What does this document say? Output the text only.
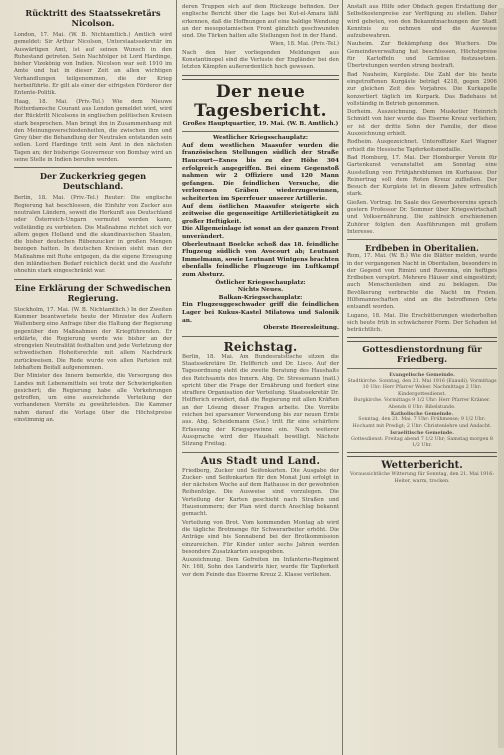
Rücktritt des Staatssekretärs Nicolson.

London, 17. Mai. (W. B. Nichtamtlich.) Amtlich wird gemeldet: Sir Arthur Nicolson, Unterstaatssekretär im Auswärtigen Amt, ist auf seinen Wunsch in den Ruhestand getreten. Sein Nachfolger ist Lord Hardinge, bisher Vizekönig von Indien. Nicolson war seit 1910 im Amte und hat in dieser Zeit an allen wichtigen Verhandlungen teilgenommen, die der Krieg herbeiführte. Er gilt als einer der eifrigsten Förderer der Entente-Politik.

Haag, 18. Mai. (Priv.-Tel.) Wie dem Nieuwe Rotterdamsche Courant aus London gemeldet wird, wird der Rücktritt Nicolsons in englischen politischen Kreisen stark besprochen. Man bringt ihn in Zusammenhang mit den Meinungsverschiedenheiten, die zwischen ihm und Grey über die Behandlung der Neutralen entstanden sein sollen. Lord Hardinge tritt sein Amt in den nächsten Tagen an; der bisherige Gouverneur von Bombay wird an seine Stelle in Indien berufen werden.

Der Zuckerkrieg gegen Deutschland.

Berlin, 18. Mai. (Priv.-Tel.) Reuter: Die englische Regierung hat beschlossen, die Einfuhr von Zucker aus neutralen Ländern, soweit die Herkunft aus Deutschland oder Österreich-Ungarn vermutet werden kann, vollständig zu verbieten. Die Maßnahme richtet sich vor allem gegen Holland und die skandinavischen Staaten, die bisher deutschen Rübenzucker in großen Mengen bezogen hatten. In deutschen Kreisen sieht man der Maßnahme mit Ruhe entgegen, da die eigene Erzeugung den inländischen Bedarf reichlich deckt und die Ausfuhr ohnehin stark eingeschränkt war.

Eine Erklärung der Schwedischen Regierung.

Stockholm, 17. Mai. (W. B. Nichtamtlich.) In der Zweiten Kammer beantwortete heute der Minister des Äußern Wallenberg eine Anfrage über die Haltung der Regierung gegenüber den Maßnahmen der Kriegführenden. Er erklärte, die Regierung werde wie bisher an der strengsten Neutralität festhalten und jede Verletzung der schwedischen Hoheitsrechte mit allem Nachdruck zurückweisen. Die Rede wurde von allen Parteien mit lebhaftem Beifall aufgenommen.

Der Minister des Innern bemerkte, die Versorgung des Landes mit Lebensmitteln sei trotz der Schwierigkeiten gesichert; die Regierung habe alle Vorkehrungen getroffen, um eine ausreichende Verteilung der vorhandenen Vorräte zu gewährleisten. Die Kammer nahm darauf die Vorlage über die Höchstpreise einstimmig an.

deren Truppen sich auf dem Rückzuge befinden. Der englische Bericht über die Lage bei Kut-el-Amara läßt erkennen, daß die Hoffnungen auf eine baldige Wendung an der mesopotamischen Front gänzlich geschwunden sind. Die Türken halten alle Stellungen fest in der Hand.

Wien, 18. Mai. (Priv.-Tel.)

Nach den hier vorliegenden Meldungen aus Konstantinopel sind die Verluste der Engländer bei den letzten Kämpfen außerordentlich hoch gewesen.

Der neue Tagesbericht.

Großes Hauptquartier, 19. Mai. (W. B. Amtlich.)

Westlicher Kriegsschauplatz:

Auf dem westlichen Maasufer wurden die französischen Stellungen südlich der Straße Haucourt—Esnes bis zu der Höhe 304 erfolgreich angegriffen. Bei einem Gegenstoß nahmen wir 2 Offiziere und 120 Mann gefangen. Die feindlichen Versuche, die verlorenen Gräben wiederzugewinnen, scheiterten im Sperrfeuer unserer Artillerie.

Auf dem östlichen Maasufer steigerte sich zeitweise die gegenseitige Artillerietätigkeit zu großer Heftigkeit.

Die Allgemeinlage ist sonst an der ganzen Front unverändert.

Oberleutnant Boelcke schoß das 18. feindliche Flugzeug südlich von Avocourt ab; Leutnant Immelmann, sowie Leutnant Wintgens brachten ebenfalls feindliche Flugzeuge im Luftkampf zum Absturz.

Östlicher Kriegsschauplatz:

Nichts Neues.

Balkan-Kriegsschauplatz:

Ein Flugzeuggeschwader griff die feindlichen Lager bei Kukus-Kastel Milatowa und Salonik an.

Oberste Heeresleitung.

Reichstag.

Berlin, 18. Mai. Am Bundesratstische sitzen die Staatssekretäre Dr. Helfferich und Dr. Lisco. Auf der Tagesordnung steht die zweite Beratung des Haushalts des Reichsamts des Innern. Abg. Dr. Stresemann (natl.) spricht über die Frage der Ernährung und fordert eine straffere Organisation der Verteilung. Staatssekretär Dr. Helfferich erwidert, daß die Regierung mit allen Kräften an der Lösung dieser Fragen arbeite. Die Vorräte reichen bei sparsamer Verwendung bis zur neuen Ernte aus. Abg. Scheidemann (Soz.) tritt für eine schärfere Erfassung der Kriegsgewinne ein. Nach weiterer Aussprache wird der Haushalt bewilligt. Nächste Sitzung Freitag.

Aus Stadt und Land.

Friedberg, Zucker und Seifenkarten. Die Ausgabe der Zucker- und Seifenkarten für den Monat Juni erfolgt in der nächsten Woche auf dem Rathause in der gewohnten Reihenfolge. Die Ausweise sind vorzulegen. Die Verteilung der Karten geschieht nach Straßen und Hausnummern; der Plan wird durch Anschlag bekannt gemacht.

Verteilung von Brot. Vom kommenden Montag ab wird die tägliche Brotmenge für Schwerarbeiter erhöht. Die Anträge sind bis Sonnabend bei der Brotkommission einzureichen. Für Kinder unter sechs Jahren werden besondere Zusatzkarten ausgegeben.

Auszeichnung. Dem Gefreiten im Infanterie-Regiment Nr. 168, Sohn des Landwirts hier, wurde für Tapferkeit vor dem Feinde das Eiserne Kreuz 2. Klasse verliehen.

Anstalt aus Hilfe oder Obdach gegen Erstattung der Selbstkostenpreise zur Verfügung zu stellen. Daher wird gebeten, von den Bekanntmachungen der Stadt Kenntnis zu nehmen und die Ausweise aufzubewahren.

Nauheim. Zur Bekämpfung des Wuchers. Die Gemeindeverwaltung hat beschlossen, Höchstpreise für Kartoffeln und Gemüse festzusetzen. Übertretungen werden streng bestraft.

Bad Nauheim, Kurgäste. Die Zahl der bis heute eingetroffenen Kurgäste beträgt 4218, gegen 2906 zur gleichen Zeit des Vorjahres. Die Kurkapelle konzertiert täglich im Kurpark. Das Badehaus ist vollständig in Betrieb genommen.

Dorheim. Auszeichnung. Dem Musketier Heinrich Schmidt von hier wurde das Eiserne Kreuz verliehen; er ist der dritte Sohn der Familie, der diese Auszeichnung erhielt.

Rodheim. Ausgezeichnet. Unteroffizier Karl Wagner erhielt die Hessische Tapferkeitsmedaille.

Bad Homburg, 17. Mai. Der Homburger Verein für Gartenkunst veranstaltet am Sonntag eine Ausstellung von Frühjahrsblumen im Kurhause. Der Reinertrag soll dem Roten Kreuz zufließen. Der Besuch der Kurgäste ist in diesem Jahre erfreulich stark.

Gießen. Vortrag. Im Saale des Gewerbevereins sprach gestern Professor Dr. Sommer über Kriegswirtschaft und Volksernährung. Die zahlreich erschienenen Zuhörer folgten den Ausführungen mit großem Interesse.

Erdbeben in Oberitalien.

Rom, 17. Mai. (W. B.) Wie die Blätter melden, wurde in der vergangenen Nacht in Oberitalien, besonders in der Gegend von Rimini und Ravenna, ein heftiges Erdbeben verspürt. Mehrere Häuser sind eingestürzt; auch Menschenleben sind zu beklagen. Die Bevölkerung verbrachte die Nacht im Freien. Hilfsmannschaften sind an die betroffenen Orte entsandt worden.

Lugano, 18. Mai. Die Erschütterungen wiederholten sich heute früh in schwächerer Form. Der Schaden ist beträchtlich.

Gottesdienstordnung für Friedberg.

Evangelische Gemeinde.

Stadtkirche. Sonntag, den 21. Mai 1916 (Exaudi). Vormittags 10 Uhr: Herr Pfarrer Weber. Nachmittags 2 Uhr: Kindergottesdienst.

Burgkirche. Vormittags 9 1/2 Uhr: Herr Pfarrer Krämer. Abends 8 Uhr: Bibelstunde.

Katholische Gemeinde.

Sonntag, den 21. Mai. 7 Uhr: Frühmesse; 9 1/2 Uhr: Hochamt mit Predigt; 2 Uhr: Christenlehre und Andacht.

Israelitische Gemeinde.

Gottesdienst: Freitag abend 7 1/2 Uhr; Samstag morgen 8 1/2 Uhr.

Wetterbericht.

Voraussichtliche Witterung für Sonntag, den 21. Mai 1916: Heiter, warm, trocken.
